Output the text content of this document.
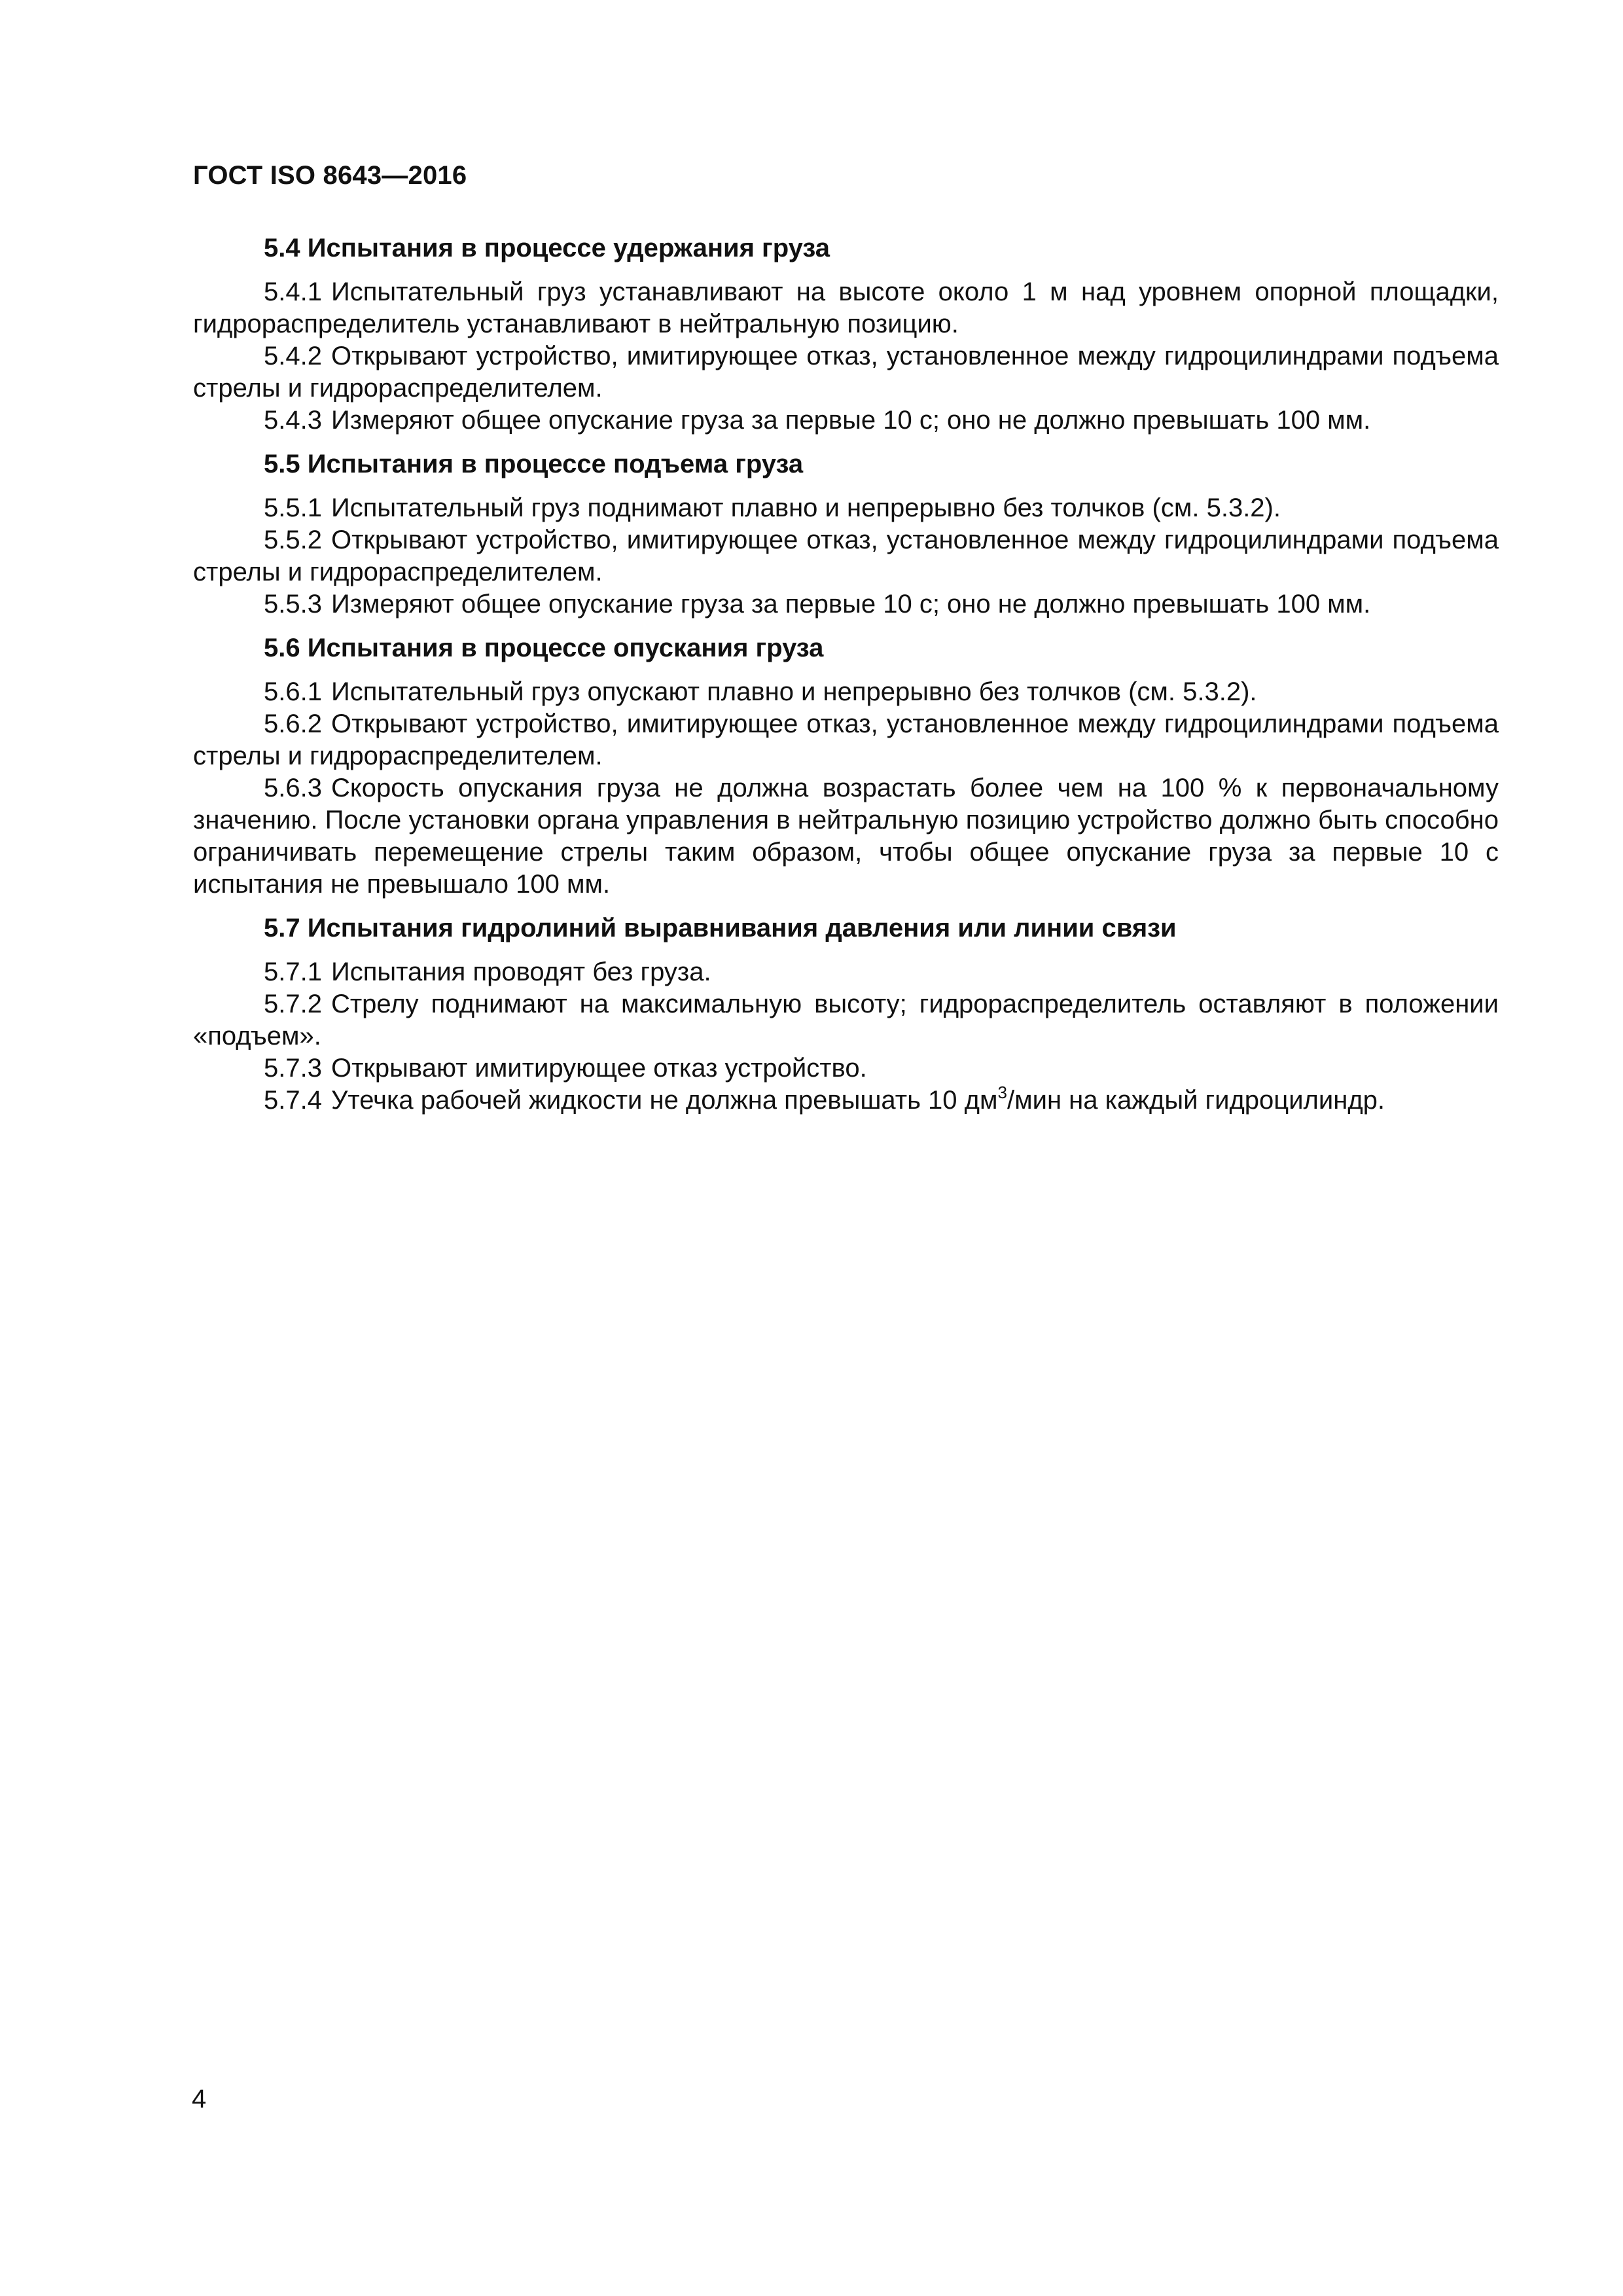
ГОСТ ISO 8643—2016

5.4 Испытания в процессе удержания груза

5.4.1 Испытательный груз устанавливают на высоте около 1 м над уровнем опорной площадки, гидрораспределитель устанавливают в нейтральную позицию.

5.4.2 Открывают устройство, имитирующее отказ, установленное между гидроцилиндрами подъема стрелы и гидрораспределителем.

5.4.3 Измеряют общее опускание груза за первые 10 с; оно не должно превышать 100 мм.

5.5 Испытания в процессе подъема груза

5.5.1 Испытательный груз поднимают плавно и непрерывно без толчков (см. 5.3.2).

5.5.2 Открывают устройство, имитирующее отказ, установленное между гидроцилиндрами подъема стрелы и гидрораспределителем.

5.5.3 Измеряют общее опускание груза за первые 10 с; оно не должно превышать 100 мм.

5.6 Испытания в процессе опускания груза

5.6.1 Испытательный груз опускают плавно и непрерывно без толчков (см. 5.3.2).

5.6.2 Открывают устройство, имитирующее отказ, установленное между гидроцилиндрами подъема стрелы и гидрораспределителем.

5.6.3 Скорость опускания груза не должна возрастать более чем на 100 % к первоначальному значению. После установки органа управления в нейтральную позицию устройство должно быть способно ограничивать перемещение стрелы таким образом, чтобы общее опускание груза за первые 10 с испытания не превышало 100 мм.

5.7 Испытания гидролиний выравнивания давления или линии связи

5.7.1 Испытания проводят без груза.

5.7.2 Стрелу поднимают на максимальную высоту; гидрораспределитель оставляют в положении «подъем».

5.7.3 Открывают имитирующее отказ устройство.

5.7.4 Утечка рабочей жидкости не должна превышать 10 $дм^3$/мин на каждый гидроцилиндр.

4
